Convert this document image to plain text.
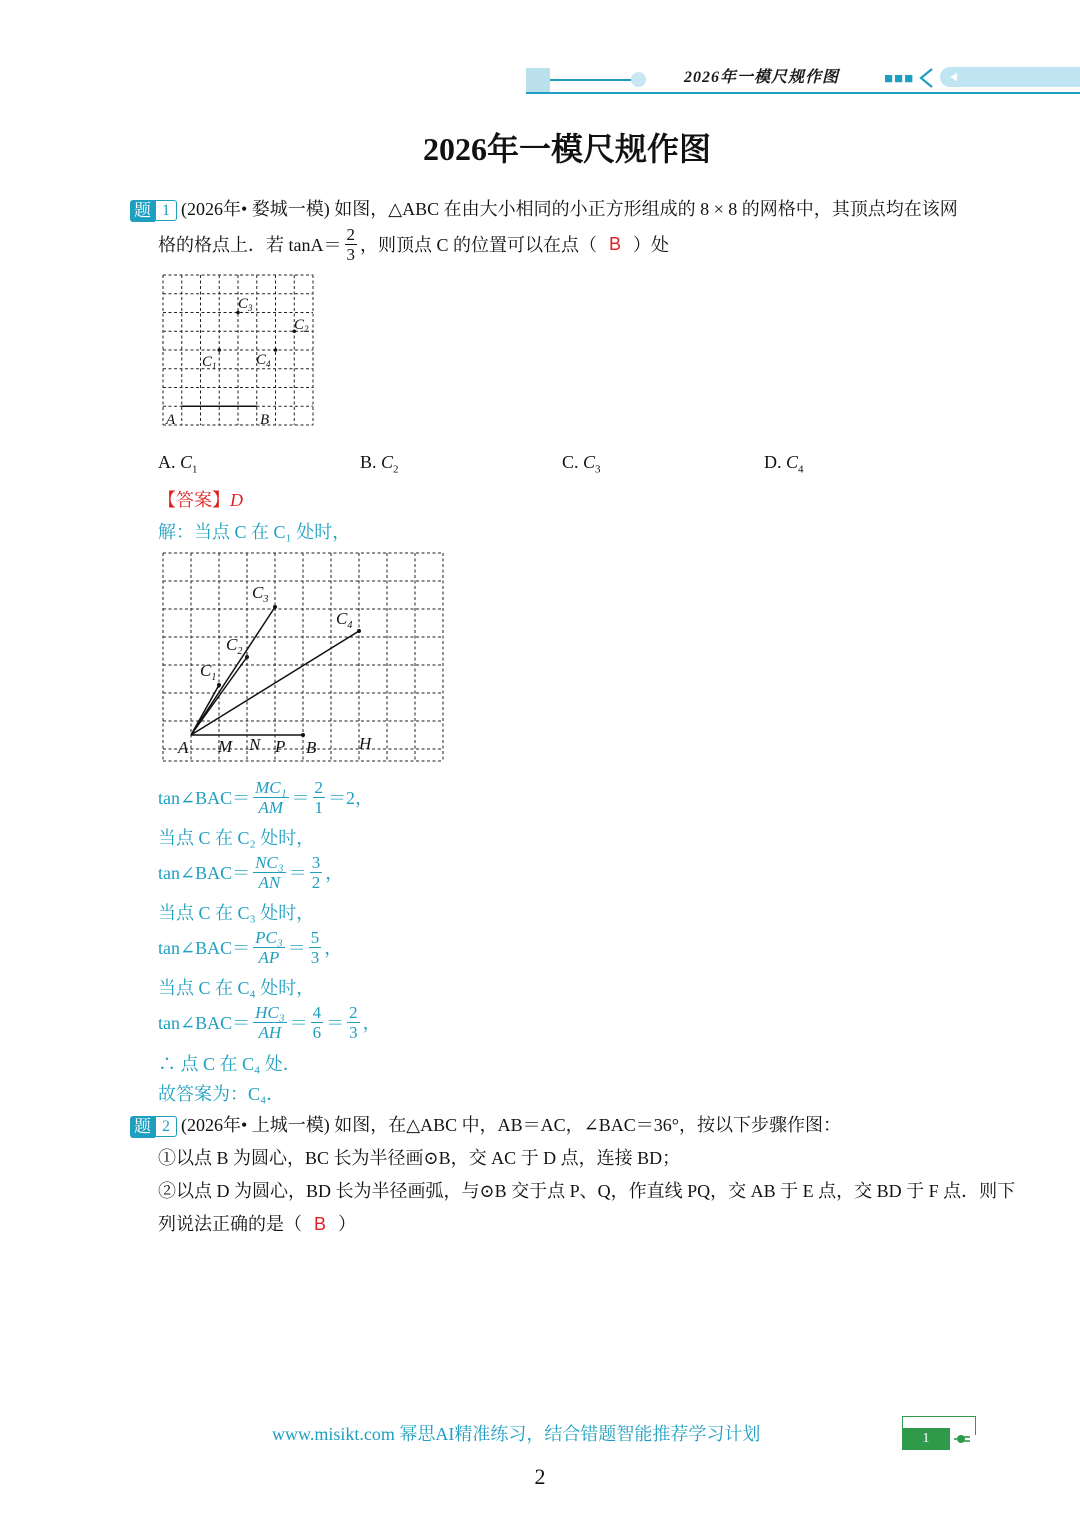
2026年一模尺规作图	■■■
2026年一模尺规作图
题 1 (2026年• 婺城一模) 如图，△ABC 在由大小相同的小正方形组成的 8 × 8 的网格中，其顶点均在该网
格的格点上．若 $\tan A= \frac{2}{3}$ ，则顶点 C 的位置可以在点（ B ）处
A	B
$C_3$
$C_2$
$C_1$	$C_4$
A. $C_1$	B. $C_2$	C. $C_3$	D. $C_4$
【答案】D
解：当点 C 在 C₁ 处时，
A M N P B	H
$C_3$
$C_4$
$C_2$
$C_1$
tan∠BAC＝ $\frac{\text{MC₁}}{AM} = \frac{2}{1} =2$，
当点 C 在 C₂ 处时，
tan∠BAC＝ $\frac{\text{NC₃}}{AN} = \frac{3}{2}$ ，
当点 C 在 C₃ 处时，
tan∠BAC＝ $\frac{\text{PC₃}}{AP} = \frac{5}{3}$ ，
当点 C 在 C₄ 处时，
tan∠BAC＝ $\frac{\text{HC₃}}{AH} = \frac{4}{6} = \frac{2}{3}$ ，
∴ 点 C 在 C₄ 处．
故答案为：C₄．
题 2 (2026年• 上城一模) 如图，在△ABC 中，AB＝AC，∠BAC＝36°，按以下步骤作图：
①以点 B 为圆心，BC 长为半径画⊙B，交 AC 于 D 点，连接 BD；
②以点 D 为圆心，BD 长为半径画弧，与⊙B 交于点 P、Q，作直线 PQ，交 AB 于 E 点，交 BD 于 F 点．则下
列说法正确的是（ B ）
www.misikt.com 幂思AI精准练习，结合错题智能推荐学习计划	1
2
